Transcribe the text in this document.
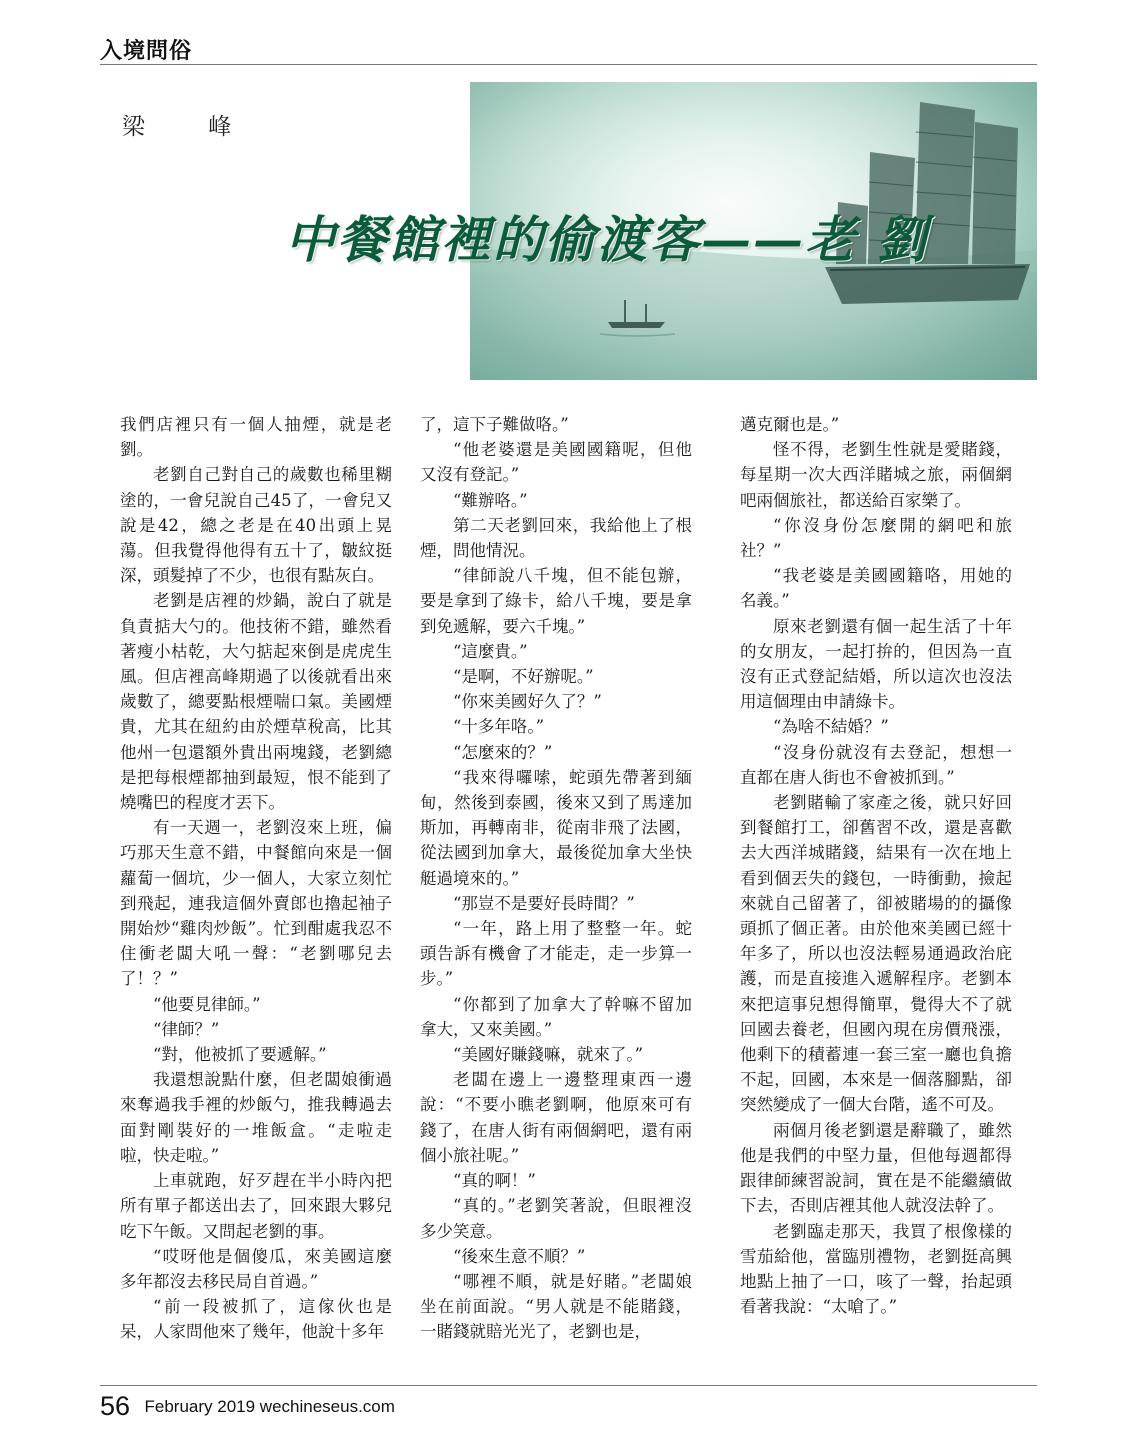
入境問俗
梁 峰
中餐館裡的偷渡客——老 劉

我們店裡只有一個人抽煙，就是老劉。

老劉自己對自己的歲數也稀里糊塗的，一會兒說自己45了，一會兒又說是42，總之老是在40出頭上晃蕩。但我覺得他得有五十了，皺紋挺深，頭髮掉了不少，也很有點灰白。

老劉是店裡的炒鍋，說白了就是負責掂大勺的。他技術不錯，雖然看著瘦小枯乾，大勺掂起來倒是虎虎生風。但店裡高峰期過了以後就看出來歲數了，總要點根煙喘口氣。美國煙貴，尤其在紐約由於煙草稅高，比其他州一包還額外貴出兩塊錢，老劉總是把每根煙都抽到最短，恨不能到了燒嘴巴的程度才丟下。

有一天週一，老劉沒來上班，偏巧那天生意不錯，中餐館向來是一個蘿蔔一個坑，少一個人，大家立刻忙到飛起，連我這個外賣郎也擼起袖子開始炒“雞肉炒飯”。忙到酣處我忍不住衝老闆大吼一聲：“老劉哪兒去了！？”

“他要見律師。”

“律師？”

“對，他被抓了要遞解。”

我還想說點什麼，但老闆娘衝過來奪過我手裡的炒飯勺，推我轉過去面對剛裝好的一堆飯盒。“走啦走啦，快走啦。”

上車就跑，好歹趕在半小時內把所有單子都送出去了，回來跟大夥兒吃下午飯。又問起老劉的事。

“哎呀他是個傻瓜，來美國這麼多年都沒去移民局自首過。”

“前一段被抓了，這傢伙也是呆，人家問他來了幾年，他說十多年

了，這下子難做咯。”

“他老婆還是美國國籍呢，但他又沒有登記。”

“難辦咯。”

第二天老劉回來，我給他上了根煙，問他情況。

“律師說八千塊，但不能包辦，要是拿到了綠卡，給八千塊，要是拿到免遞解，要六千塊。”

“這麼貴。”

“是啊，不好辦呢。”

“你來美國好久了？”

“十多年咯。”

“怎麼來的？”

“我來得囉嗦，蛇頭先帶著到緬甸，然後到泰國，後來又到了馬達加斯加，再轉南非，從南非飛了法國，從法國到加拿大，最後從加拿大坐快艇過境來的。”

“那豈不是要好長時間？”

“一年，路上用了整整一年。蛇頭告訴有機會了才能走，走一步算一步。”

“你都到了加拿大了幹嘛不留加拿大，又來美國。”

“美國好賺錢嘛，就來了。”

老闆在邊上一邊整理東西一邊說：“不要小瞧老劉啊，他原來可有錢了，在唐人街有兩個網吧，還有兩個小旅社呢。”

“真的啊！”

“真的。”老劉笑著說，但眼裡沒多少笑意。

“後來生意不順？”

“哪裡不順，就是好賭。”老闆娘坐在前面說。“男人就是不能賭錢，一賭錢就賠光光了，老劉也是，

邁克爾也是。”

怪不得，老劉生性就是愛賭錢，每星期一次大西洋賭城之旅，兩個網吧兩個旅社，都送給百家樂了。

“你沒身份怎麼開的網吧和旅社？”

“我老婆是美國國籍咯，用她的名義。”

原來老劉還有個一起生活了十年的女朋友，一起打拚的，但因為一直沒有正式登記結婚，所以這次也沒法用這個理由申請綠卡。

“為啥不結婚？”

“沒身份就沒有去登記，想想一直都在唐人街也不會被抓到。”

老劉賭輸了家產之後，就只好回到餐館打工，卻舊習不改，還是喜歡去大西洋城賭錢，結果有一次在地上看到個丟失的錢包，一時衝動，撿起來就自己留著了，卻被賭場的的攝像頭抓了個正著。由於他來美國已經十年多了，所以也沒法輕易通過政治庇護，而是直接進入遞解程序。老劉本來把這事兒想得簡單，覺得大不了就回國去養老，但國內現在房價飛漲，他剩下的積蓄連一套三室一廳也負擔不起，回國，本來是一個落腳點，卻突然變成了一個大台階，遙不可及。

兩個月後老劉還是辭職了，雖然他是我們的中堅力量，但他每週都得跟律師練習說詞，實在是不能繼續做下去，否則店裡其他人就沒法幹了。

老劉臨走那天，我買了根像樣的雪茄給他，當臨別禮物，老劉挺高興地點上抽了一口，咳了一聲，抬起頭看著我說：“太嗆了。”

56 February 2019 wechineseus.com
